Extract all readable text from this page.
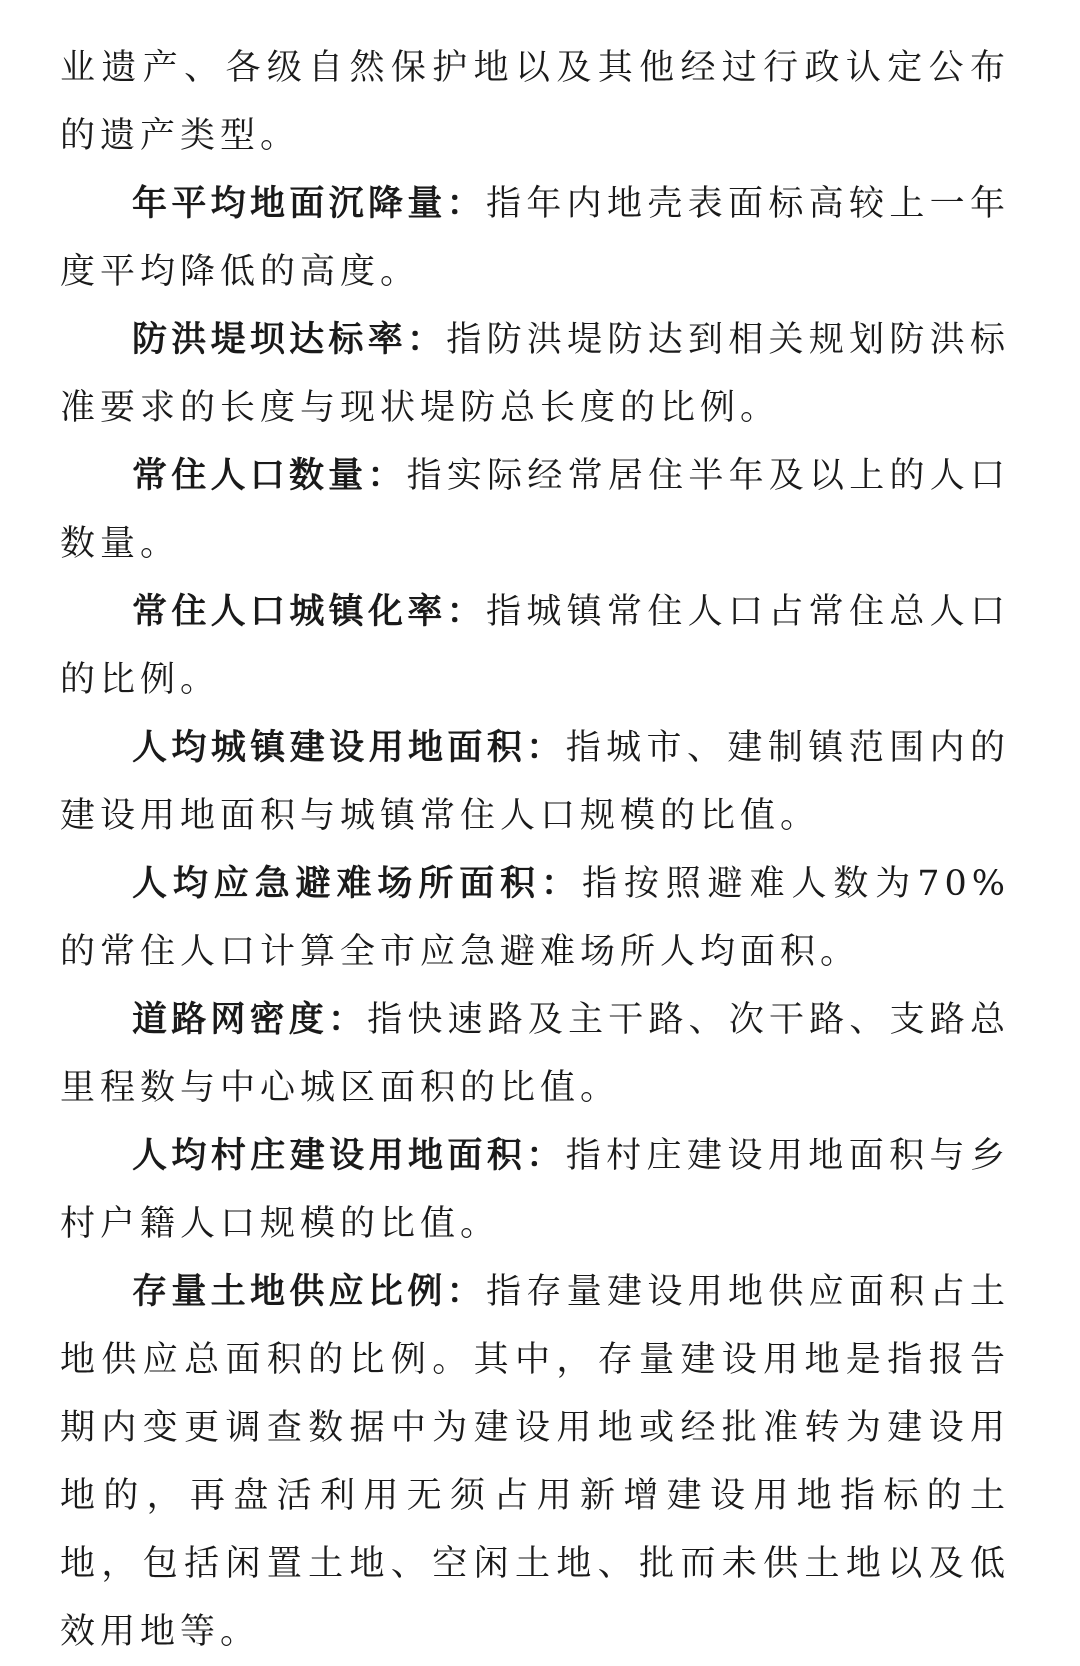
业遗产、各级自然保护地以及其他经过行政认定公布的遗产类型。

年平均地面沉降量：指年内地壳表面标高较上一年度平均降低的高度。

防洪堤坝达标率：指防洪堤防达到相关规划防洪标准要求的长度与现状堤防总长度的比例。

常住人口数量：指实际经常居住半年及以上的人口数量。

常住人口城镇化率：指城镇常住人口占常住总人口的比例。

人均城镇建设用地面积：指城市、建制镇范围内的建设用地面积与城镇常住人口规模的比值。

人均应急避难场所面积：指按照避难人数为70%的常住人口计算全市应急避难场所人均面积。

道路网密度：指快速路及主干路、次干路、支路总里程数与中心城区面积的比值。

人均村庄建设用地面积：指村庄建设用地面积与乡村户籍人口规模的比值。

存量土地供应比例：指存量建设用地供应面积占土地供应总面积的比例。其中，存量建设用地是指报告期内变更调查数据中为建设用地或经批准转为建设用地的，再盘活利用无须占用新增建设用地指标的土地，包括闲置土地、空闲土地、批而未供土地以及低效用地等。
